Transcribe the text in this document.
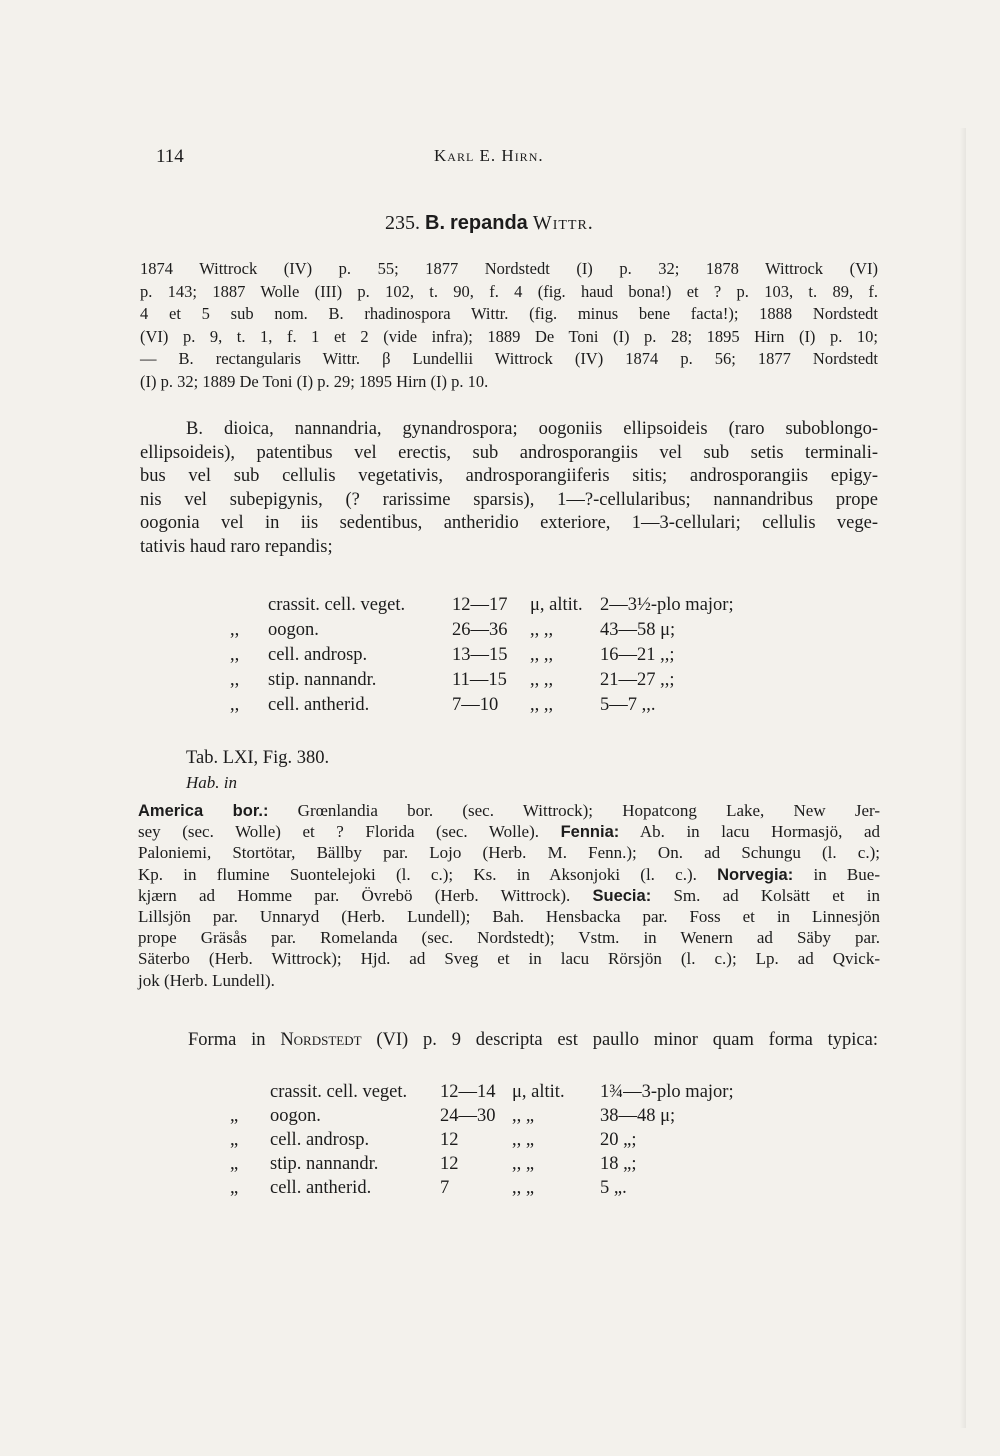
114	Karl E. Hirn.
235. B. repanda Wittr.
1874 Wittrock (IV) p. 55; 1877 Nordstedt (I) p. 32; 1878 Wittrock (VI)
p. 143; 1887 Wolle (III) p. 102, t. 90, f. 4 (fig. haud bona!) et ? p. 103, t. 89, f.
4 et 5 sub nom. B. rhadinospora Wittr. (fig. minus bene facta!); 1888 Nordstedt
(VI) p. 9, t. 1, f. 1 et 2 (vide infra); 1889 De Toni (I) p. 28; 1895 Hirn (I) p. 10;
— B. rectangularis Wittr. β Lundellii Wittrock (IV) 1874 p. 56; 1877 Nordstedt
(I) p. 32; 1889 De Toni (I) p. 29; 1895 Hirn (I) p. 10.
B. dioica, nannandria, gynandrospora; oogoniis ellipsoideis (raro suboblongo-
ellipsoideis), patentibus vel erectis, sub androsporangiis vel sub setis terminali-
bus vel sub cellulis vegetativis, androsporangiiferis sitis; androsporangiis epigy-
nis vel subepigynis, (? rarissime sparsis), 1—?-cellularibus; nannandribus prope
oogonia vel in iis sedentibus, antheridio exteriore, 1—3-cellulari; cellulis vege-
tativis haud raro repandis;
crassit. cell. veget.	12—17 μ, altit. 2—3½-plo major;
,, oogon.	26—36 ,, ,,	43—58 μ;
,, cell. androsp.	13—15 ,, ,,	16—21 ,,;
,, stip. nannandr.	11—15 ,, ,,	21—27 ,,;
,, cell. antherid.	7—10 ,, ,,	5—7 ,,.
Tab. LXI, Fig. 380.
Hab. in
America bor.: Grœnlandia bor. (sec. Wittrock); Hopatcong Lake, New Jer-
sey (sec. Wolle) et ? Florida (sec. Wolle). Fennia: Ab. in lacu Hormasjö, ad
Paloniemi, Stortötar, Bällby par. Lojo (Herb. M. Fenn.); On. ad Schungu (l. c.);
Kp. in flumine Suontelejoki (l. c.); Ks. in Aksonjoki (l. c.). Norvegia: in Bue-
kjærn ad Homme par. Övrebö (Herb. Wittrock). Suecia: Sm. ad Kolsätt et in
Lillsjön par. Unnaryd (Herb. Lundell); Bah. Hensbacka par. Foss et in Linnesjön
prope Gräsås par. Romelanda (sec. Nordstedt); Vstm. in Wenern ad Säby par.
Säterbo (Herb. Wittrock); Hjd. ad Sveg et in lacu Rörsjön (l. c.); Lp. ad Qvick-
jok (Herb. Lundell).
Forma in Nordstedt (VI) p. 9 descripta est paullo minor quam forma typica:
crassit. cell. veget. 12—14 μ, altit. 1¾—3-plo major;
„ oogon.	24—30 ,, „	38—48 μ;
„ cell. androsp.	12	,, „	20 „;
„ stip. nannandr.	12	,, „	18 „;
„ cell. antherid.	7	,, „	5 „.
